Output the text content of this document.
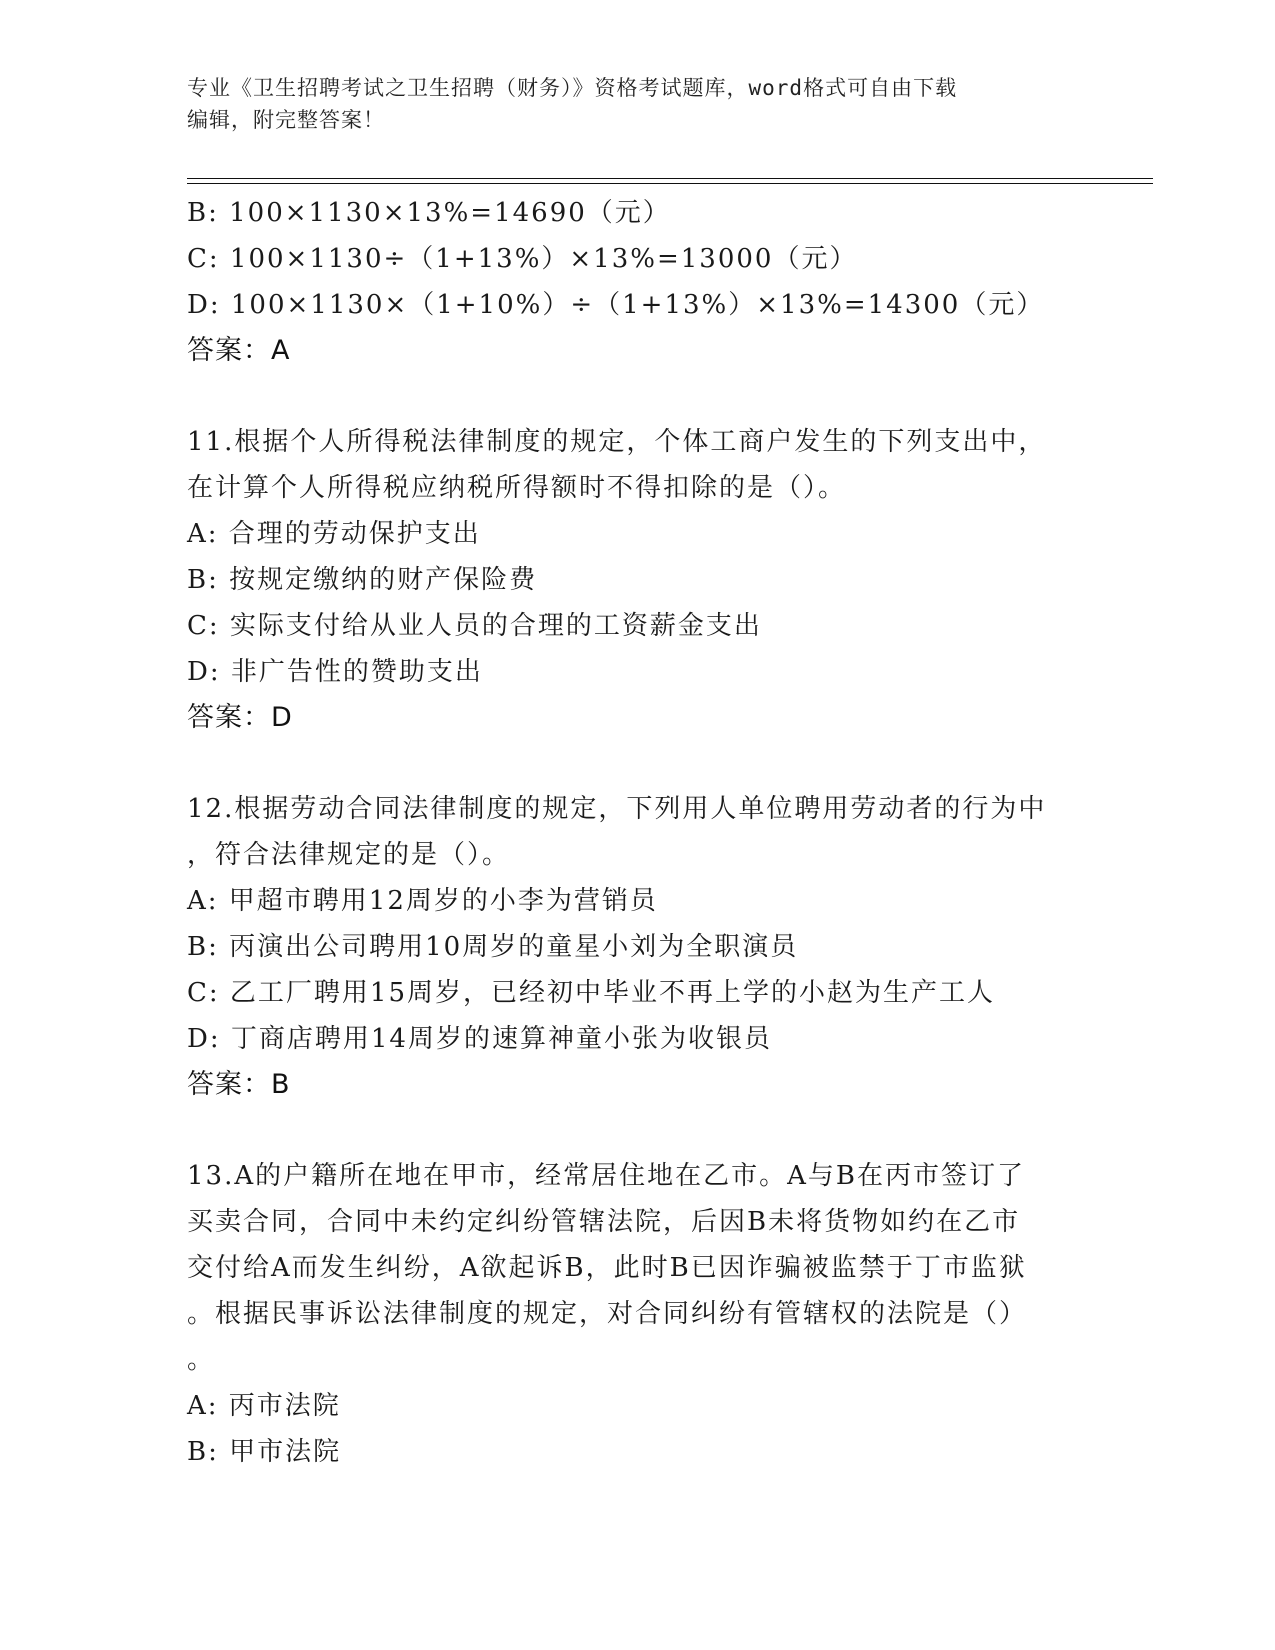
专业《卫生招聘考试之卫生招聘（财务）》资格考试题库，word格式可自由下载
编辑，附完整答案！
B: 100×1130×13%=14690（元）
C: 100×1130÷（1+13%）×13%=13000（元）
D: 100×1130×（1+10%）÷（1+13%）×13%=14300（元）
答案：A
11.根据个人所得税法律制度的规定，个体工商户发生的下列支出中，
在计算个人所得税应纳税所得额时不得扣除的是（）。
A: 合理的劳动保护支出
B: 按规定缴纳的财产保险费
C: 实际支付给从业人员的合理的工资薪金支出
D: 非广告性的赞助支出
答案：D
12.根据劳动合同法律制度的规定，下列用人单位聘用劳动者的行为中
，符合法律规定的是（）。
A: 甲超市聘用12周岁的小李为营销员
B: 丙演出公司聘用10周岁的童星小刘为全职演员
C: 乙工厂聘用15周岁，已经初中毕业不再上学的小赵为生产工人
D: 丁商店聘用14周岁的速算神童小张为收银员
答案：B
13.A的户籍所在地在甲市，经常居住地在乙市。A与B在丙市签订了
买卖合同，合同中未约定纠纷管辖法院，后因B未将货物如约在乙市
交付给A而发生纠纷，A欲起诉B，此时B已因诈骗被监禁于丁市监狱
。根据民事诉讼法律制度的规定，对合同纠纷有管辖权的法院是（）
。
A: 丙市法院
B: 甲市法院
